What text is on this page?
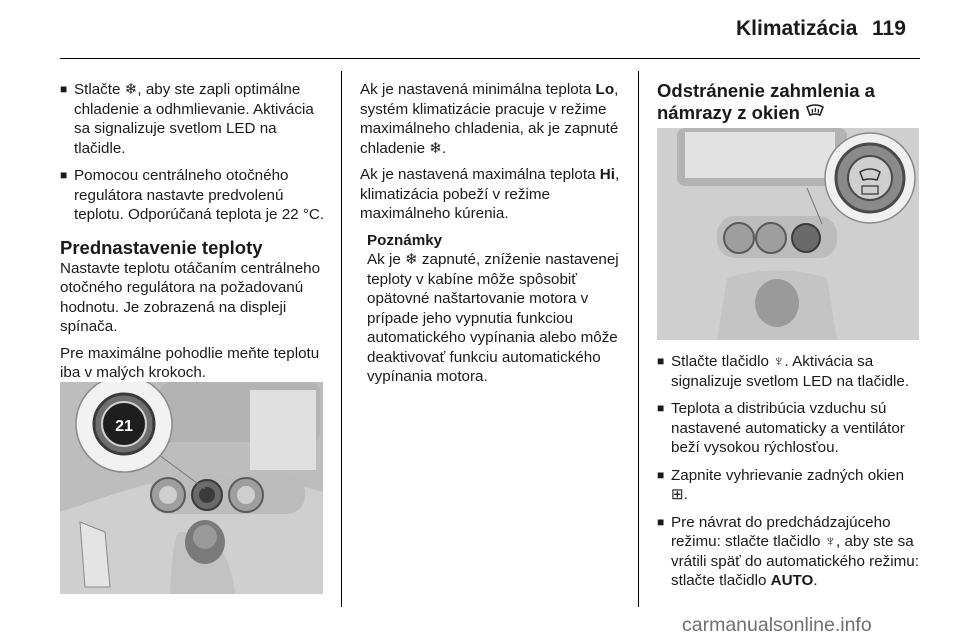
Klimatizácia 119
■ Stlačte ❄, aby ste zapli optimálne chladenie a odhmlievanie. Aktivácia sa signalizuje svetlom LED na tlačidle.
■ Pomocou centrálneho otočného regulátora nastavte predvolenú teplotu. Odporúčaná teplota je 22 °C.
Prednastavenie teploty

Nastavte teplotu otáčaním centrálneho otočného regulátora na požadovanú hodnotu. Je zobrazená na displeji spínača.

Pre maximálne pohodlie meňte teplotu iba v malých krokoch.

21

Ak je nastavená minimálna teplota Lo, systém klimatizácie pracuje v režime maximálneho chladenia, ak je zapnuté chladenie ❄.

Ak je nastavená maximálna teplota Hi, klimatizácia pobeží v režime maximálneho kúrenia.

Poznámky
Ak je ❄ zapnuté, zníženie nastavenej teploty v kabíne môže spôsobiť opätovné naštartovanie motora v prípade jeho vypnutia funkciou automatického vypínania alebo môže deaktivovať funkciu automatického vypínania motora.
Odstránenie zahmlenia a námrazy z okien
■ Stlačte tlačidlo ♆. Aktivácia sa signalizuje svetlom LED na tlačidle.
■ Teplota a distribúcia vzduchu sú nastavené automaticky a ventilátor beží vysokou rýchlosťou.
■ Zapnite vyhrievanie zadných okien ⊞.
■ Pre návrat do predchádzajúceho režimu: stlačte tlačidlo ♆, aby ste sa vrátili späť do automatického režimu: stlačte tlačidlo AUTO.
carmanualsonline.info
